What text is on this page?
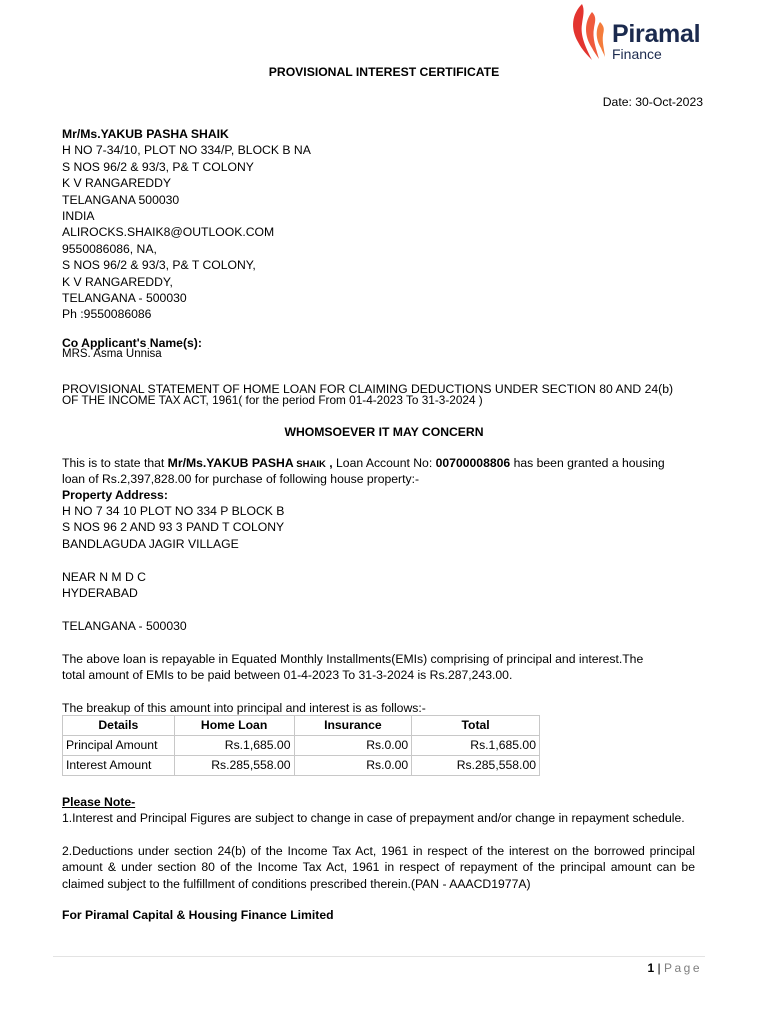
Piramal
Finance
PROVISIONAL INTEREST CERTIFICATE
Date: 30-Oct-2023
Mr/Ms.YAKUB PASHA SHAIK
H NO 7-34/10, PLOT NO 334/P, BLOCK B NA
S NOS 96/2 & 93/3, P& T COLONY
K V RANGAREDDY
TELANGANA 500030
INDIA
ALIROCKS.SHAIK8@OUTLOOK.COM
9550086086, NA,
S NOS 96/2 & 93/3, P& T COLONY,
K V RANGAREDDY,
TELANGANA - 500030
Ph :9550086086
Co Applicant's Name(s):
MRS. Asma Unnisa
PROVISIONAL STATEMENT OF HOME LOAN FOR CLAIMING DEDUCTIONS UNDER SECTION 80 AND 24(b)
OF THE INCOME TAX ACT, 1961( for the period From 01-4-2023 To 31-3-2024 )
WHOMSOEVER IT MAY CONCERN
This is to state that Mr/Ms.YAKUB PASHA SHAIK , Loan Account No: 00700008806 has been granted a housing
loan of Rs.2,397,828.00 for purchase of following house property:-
Property Address:
H NO 7 34 10 PLOT NO 334 P BLOCK B
S NOS 96 2 AND 93 3 PAND T COLONY
BANDLAGUDA JAGIR VILLAGE
NEAR N M D C
HYDERABAD
TELANGANA - 500030
The above loan is repayable in Equated Monthly Installments(EMIs) comprising of principal and interest.The
total amount of EMIs to be paid between 01-4-2023 To 31-3-2024 is Rs.287,243.00.
The breakup of this amount into principal and interest is as follows:-
Details	Home Loan	Insurance	Total
Principal Amount	Rs.1,685.00	Rs.0.00	Rs.1,685.00
Interest Amount	Rs.285,558.00	Rs.0.00	Rs.285,558.00
Please Note-
1.Interest and Principal Figures are subject to change in case of prepayment and/or change in repayment schedule.
2.Deductions under section 24(b) of the Income Tax Act, 1961 in respect of the interest on the borrowed principal amount & under section 80 of the Income Tax Act, 1961 in respect of repayment of the principal amount can be claimed subject to the fulfillment of conditions prescribed therein.(PAN - AAACD1977A)
For Piramal Capital & Housing Finance Limited
1 | Page
